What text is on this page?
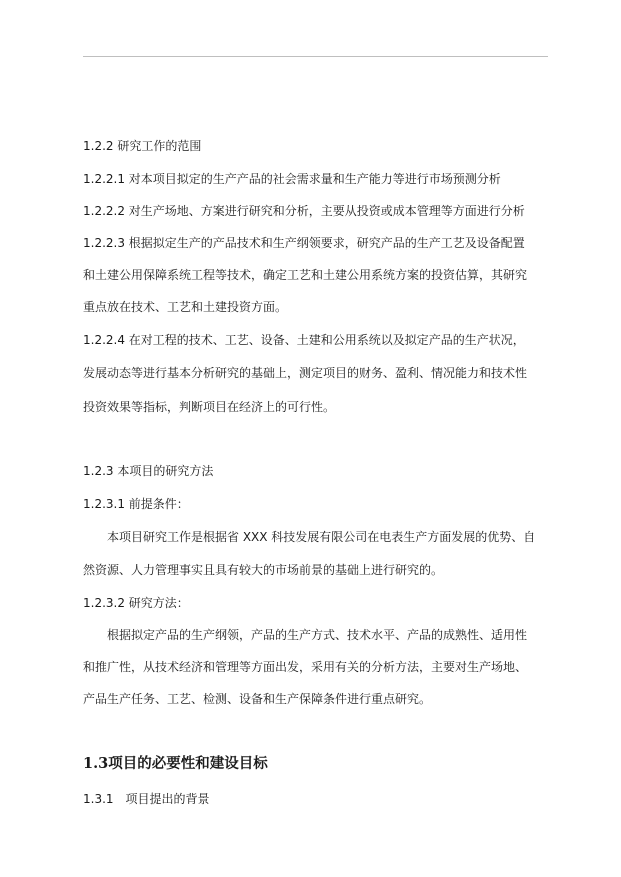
1.2.2 研究工作的范围
1.2.2.1 对本项目拟定的生产产品的社会需求量和生产能力等进行市场预测分析
1.2.2.2 对生产场地、方案进行研究和分析，主要从投资或成本管理等方面进行分析
1.2.2.3 根据拟定生产的产品技术和生产纲领要求，研究产品的生产工艺及设备配置
和土建公用保障系统工程等技术，确定工艺和土建公用系统方案的投资估算，其研究
重点放在技术、工艺和土建投资方面。
1.2.2.4 在对工程的技术、工艺、设备、土建和公用系统以及拟定产品的生产状况，
发展动态等进行基本分析研究的基础上，测定项目的财务、盈利、情况能力和技术性
投资效果等指标，判断项目在经济上的可行性。
1.2.3 本项目的研究方法
1.2.3.1 前提条件：
本项目研究工作是根据省 XXX 科技发展有限公司在电表生产方面发展的优势、自
然资源、人力管理事实且具有较大的市场前景的基础上进行研究的。
1.2.3.2 研究方法：
根据拟定产品的生产纲领，产品的生产方式、技术水平、产品的成熟性、适用性
和推广性，从技术经济和管理等方面出发，采用有关的分析方法，主要对生产场地、
产品生产任务、工艺、检测、设备和生产保障条件进行重点研究。
1.3项目的必要性和建设目标
1.3.1　项目提出的背景
